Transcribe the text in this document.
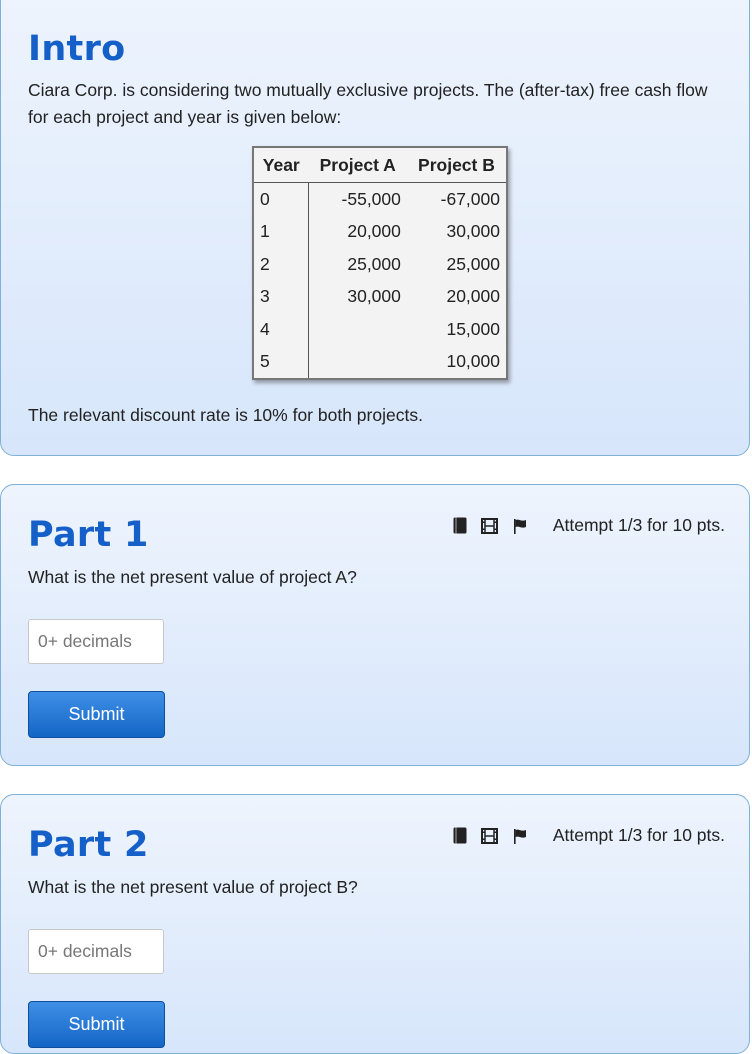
Intro

Ciara Corp. is considering two mutually exclusive projects. The (after-tax) free cash flow for each project and year is given below:

Year	Project A	Project B
0	-55,000	-67,000
1	20,000	30,000
2	25,000	25,000
3	30,000	20,000
4		15,000
5		10,000

The relevant discount rate is 10% for both projects.

Part 1	Attempt 1/3 for 10 pts.

What is the net present value of project A?

0+ decimals
Submit
Part 2	Attempt 1/3 for 10 pts.

What is the net present value of project B?

0+ decimals
Submit
